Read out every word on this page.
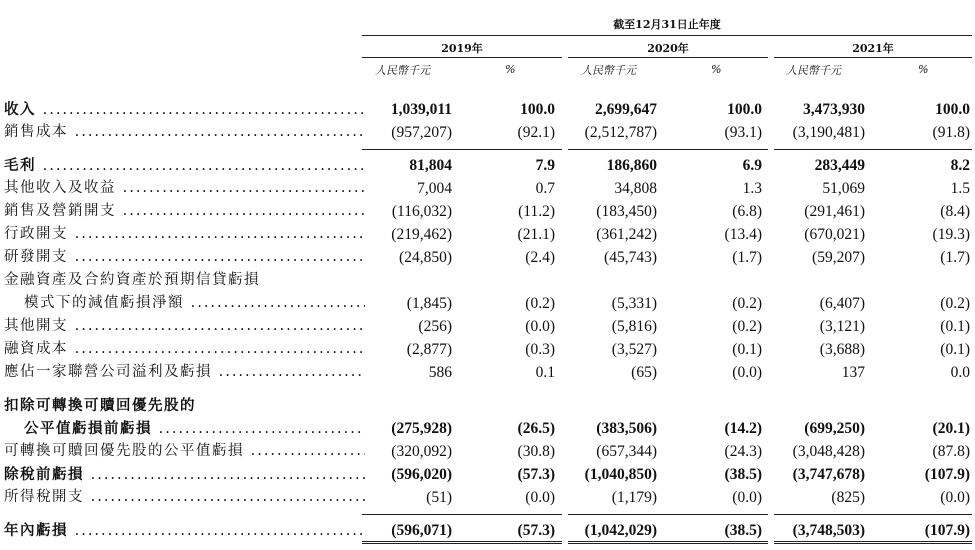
截至12月31日止年度
2019年	2020年	2021年
人民幣千元	%	人民幣千元	%	人民幣千元	%
收入 .....	1,039,011	100.0	2,699,647	100.0	3,473,930	100.0
銷售成本 .....	(957,207)	(92.1) (2,512,787)	(93.1) (3,190,481)	(91.8)
毛利 .....	81,804	7.9	186,860	6.9	283,449	8.2
其他收入及收益 .....	7,004	0.7	34,808	1.3	51,069	1.5
銷售及營銷開支 .....	(116,032)	(11.2)	(183,450)	(6.8)	(291,461)	(8.4)
行政開支 .....	(219,462)	(21.1)	(361,242)	(13.4)	(670,021)	(19.3)
研發開支 .....	(24,850)	(2.4)	(45,743)	(1.7)	(59,207)	(1.7)
金融資產及合約資產於預期信貸虧損
模式下的減值虧損淨額 .....	(1,845)	(0.2)	(5,331)	(0.2)	(6,407)	(0.2)
其他開支 .....	(256)	(0.0)	(5,816)	(0.2)	(3,121)	(0.1)
融資成本 .....	(2,877)	(0.3)	(3,527)	(0.1)	(3,688)	(0.1)
應佔一家聯營公司溢利及虧損 .....	586	0.1	(65)	(0.0)	137	0.0
扣除可轉換可贖回優先股的
公平值虧損前虧損 .....	(275,928)	(26.5)	(383,506)	(14.2)	(699,250)	(20.1)
可轉換可贖回優先股的公平值虧損 .....	(320,092)	(30.8)	(657,344)	(24.3) (3,048,428)	(87.8)
除稅前虧損 .....	(596,020)	(57.3) (1,040,850)	(38.5) (3,747,678)	(107.9)
所得稅開支 .....	(51)	(0.0)	(1,179)	(0.0)	(825)	(0.0)
年內虧損 .....	(596,071)	(57.3) (1,042,029)	(38.5) (3,748,503)	(107.9)
